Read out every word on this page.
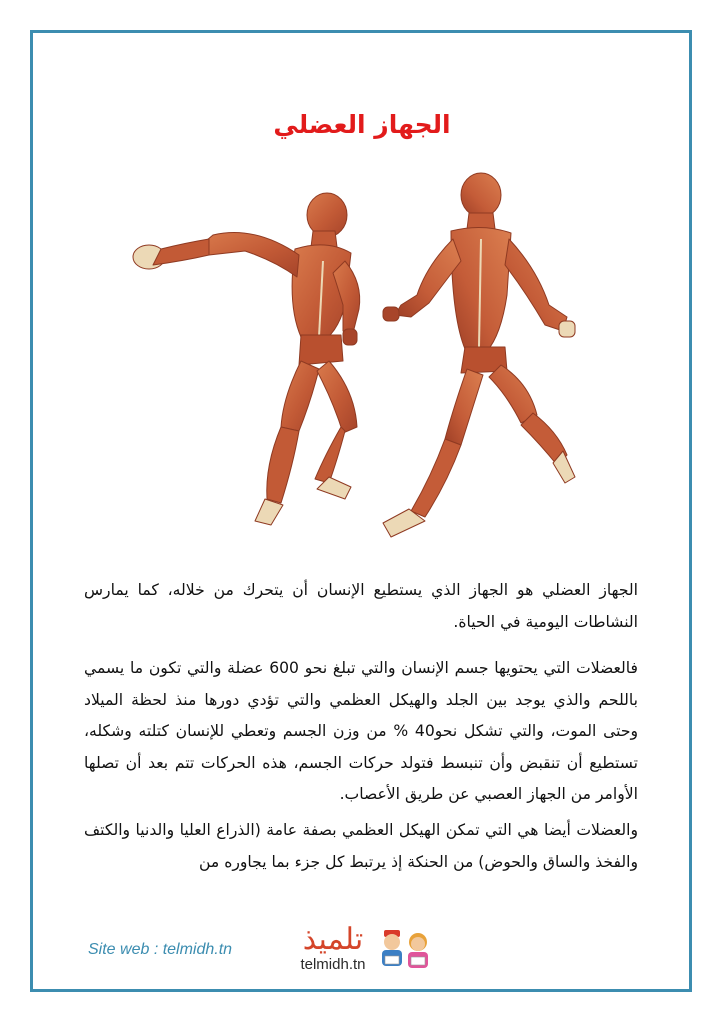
الجهاز العضلي

الجهاز العضلي هو الجهاز الذي يستطيع الإنسان أن يتحرك من خلاله، كما يمارس النشاطات اليومية في الحياة.

فالعضلات التي يحتويها جسم الإنسان والتي تبلغ نحو 600 عضلة والتي تكون ما يسمي باللحم والذي يوجد بين الجلد والهيكل العظمي والتي تؤدي دورها منذ لحظة الميلاد وحتى الموت، والتي تشكل نحو40 % من وزن الجسم وتعطي للإنسان كتلته وشكله، تستطيع أن تنقبض وأن تنبسط فتولد حركات الجسم، هذه الحركات تتم بعد أن تصلها الأوامر من الجهاز العصبي عن طريق الأعصاب.

والعضلات أيضا هي التي تمكن الهيكل العظمي بصفة عامة (الذراع العليا والدنيا والكتف والفخذ والساق والحوض) من الحنكة إذ يرتبط كل جزء بما يجاوره من

Site web : telmidh.tn	تلميذ
telmidh.tn
